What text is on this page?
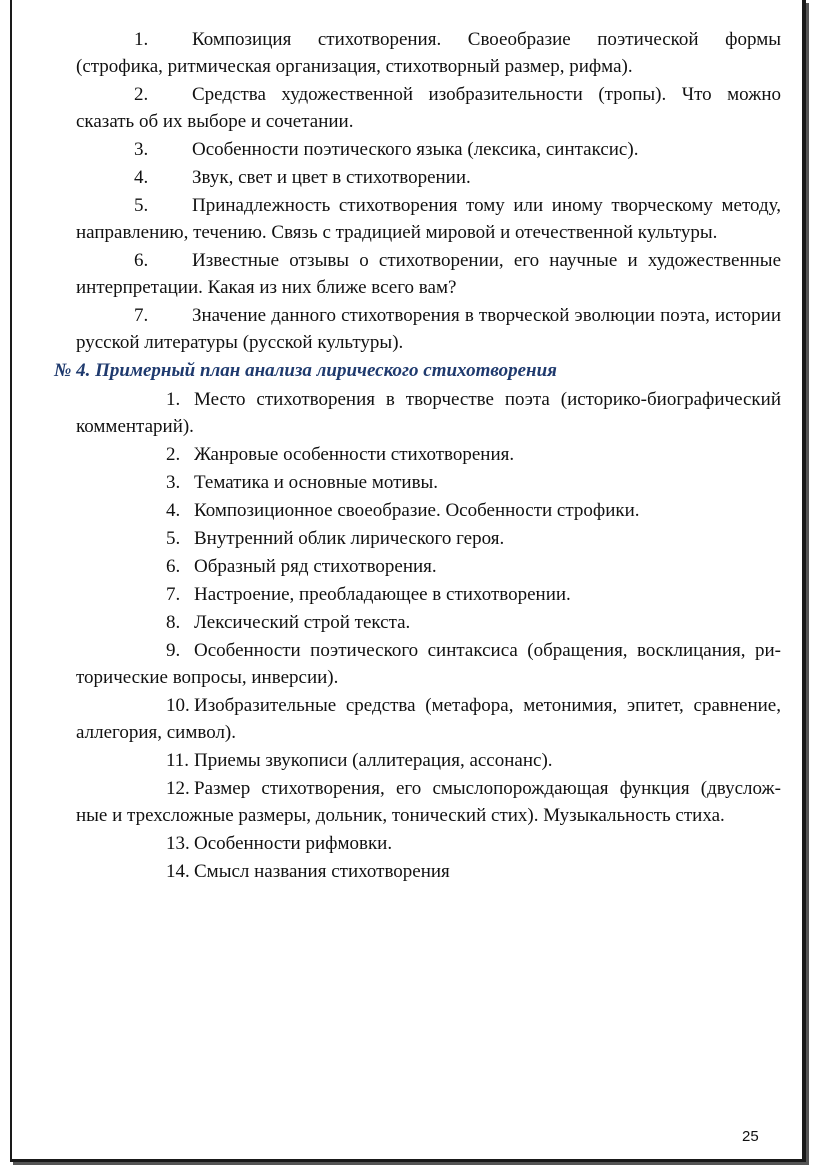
1. Композиция стихотворения. Своеобразие поэтической формы (строфика, ритмическая организация, стихотворный размер, рифма).

2. Средства художественной изобразительности (тропы). Что можно сказать об их выборе и сочетании.

3. Особенности поэтического языка (лексика, синтаксис).

4. Звук, свет и цвет в стихотворении.

5. Принадлежность стихотворения тому или иному творческому методу, направлению, течению. Связь с традицией мировой и отечественной культуры.

6. Известные отзывы о стихотворении, его научные и художественные интерпретации. Какая из них ближе всего вам?

7. Значение данного стихотворения в творческой эволюции поэта, истории русской литературы (русской культуры).

№ 4. Примерный план анализа лирического стихотворения

1. Место стихотворения в творчестве поэта (историко-биографический комментарий).

2. Жанровые особенности стихотворения.

3. Тематика и основные мотивы.

4. Композиционное своеобразие. Особенности строфики.

5. Внутренний облик лирического героя.

6. Образный ряд стихотворения.

7. Настроение, преобладающее в стихотворении.

8. Лексический строй текста.

9. Особенности поэтического синтаксиса (обращения, восклицания, ри- торические вопросы, инверсии).

10. Изобразительные средства (метафора, метонимия, эпитет, сравнение, аллегория, символ).

11. Приемы звукописи (аллитерация, ассонанс).

12. Размер стихотворения, его смыслопорождающая функция (двуслож- ные и трехсложные размеры, дольник, тонический стих). Музыкальность стиха.

13. Особенности рифмовки.

14. Смысл названия стихотворения

25
